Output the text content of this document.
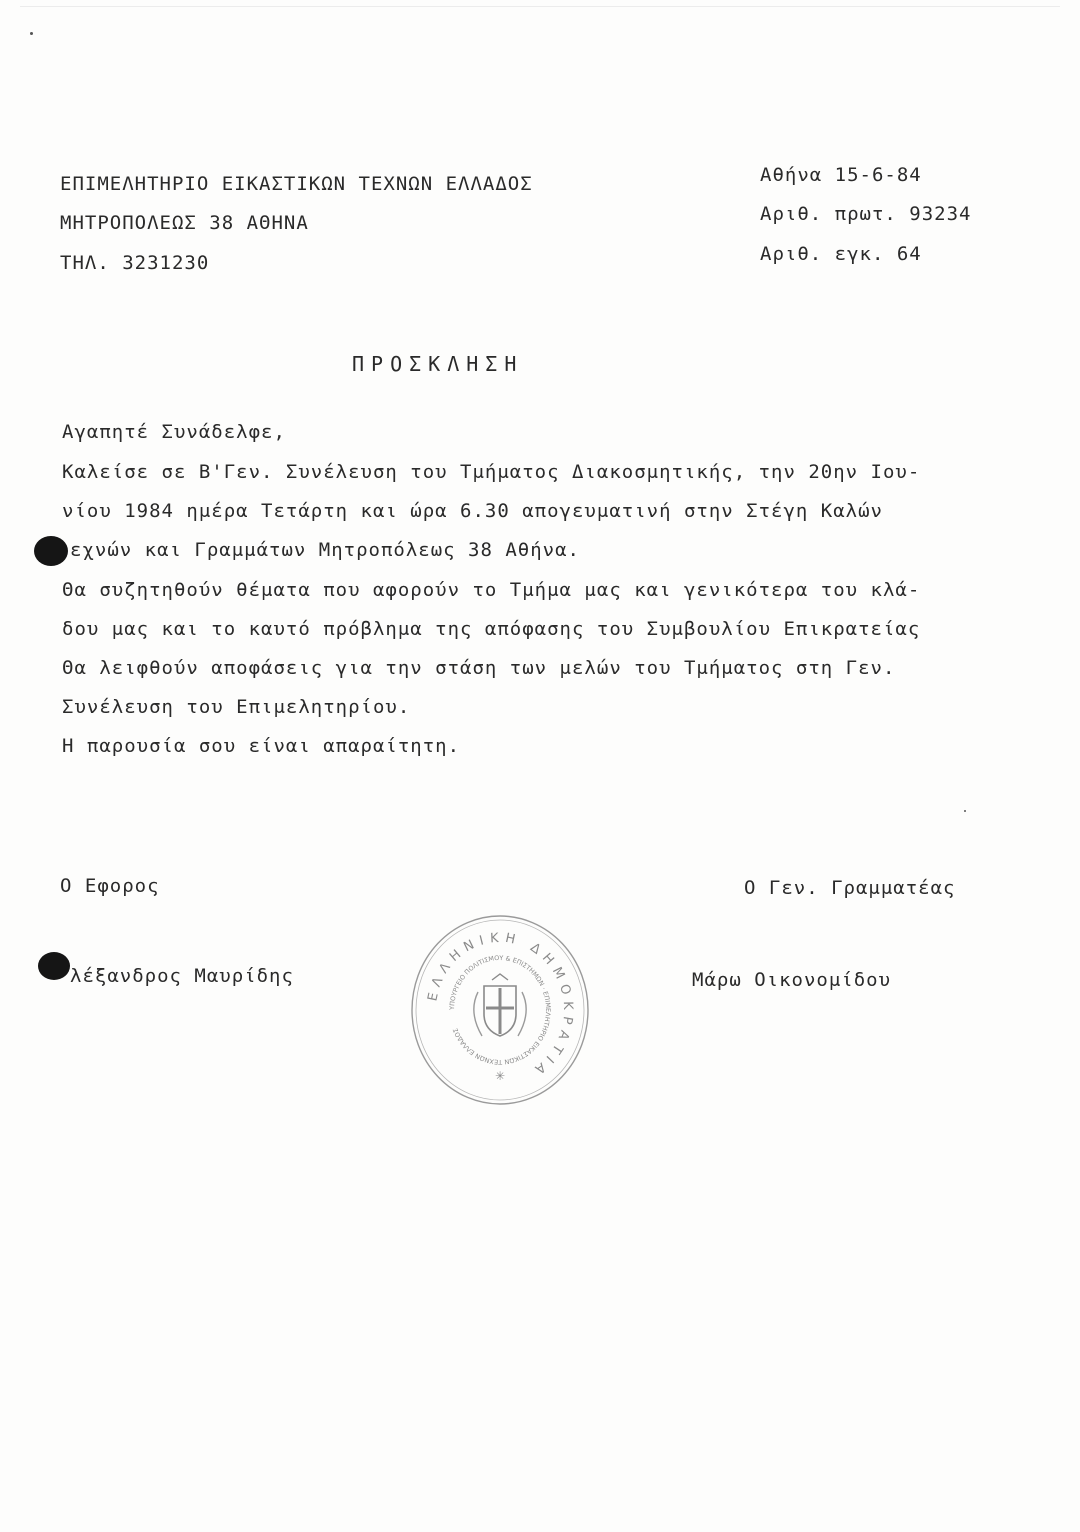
ΕΠΙΜΕΛΗΤΗΡΙΟ ΕΙΚΑΣΤΙΚΩΝ ΤΕΧΝΩΝ ΕΛΛΑΔΟΣ
ΜΗΤΡΟΠΟΛΕΩΣ 38 ΑΘΗΝΑ
ΤΗΛ. 3231230
Αθήνα 15-6-84
Αριθ. πρωτ. 93234
Αριθ. εγκ. 64
ΠΡΟΣΚΛΗΣΗ
Αγαπητέ Συνάδελφε,
Καλείσε σε Β'Γεν. Συνέλευση του Τμήματος Διακοσμητικής, την 20ην Ιου-
νίου 1984 ημέρα Τετάρτη και ώρα 6.30 απογευματινή στην Στέγη Καλών
εχνών και Γραμμάτων Μητροπόλεως 38 Αθήνα.
Θα συζητηθούν θέματα που αφορούν το Τμήμα μας και γενικότερα του κλά-
δου μας και το καυτό πρόβλημα της απόφασης του Συμβουλίου Επικρατείας
Θα λειφθούν αποφάσεις για την στάση των μελών του Τμήματος στη Γεν.
Συνέλευση του Επιμελητηρίου.
Η παρουσία σου είναι απαραίτητη.
Ο Εφορος	Ο Γεν. Γραμματέας
λέξανδρος Μαυρίδης	Μάρω Οικονομίδου
ΕΛΛΗΝΙΚΗ ΔΗΜΟΚΡΑΤΙΑ
ΥΠΟΥΡΓΕΙΟ ΠΟΛΙΤΙΣΜΟΥ & ΕΠΙΣΤΗΜΩΝ · ΕΠΙΜΕΛΗΤΗΡΙΟ ΕΙΚΑΣΤΙΚΩΝ ΤΕΧΝΩΝ ΕΛΛΑΔΟΣ
✳
